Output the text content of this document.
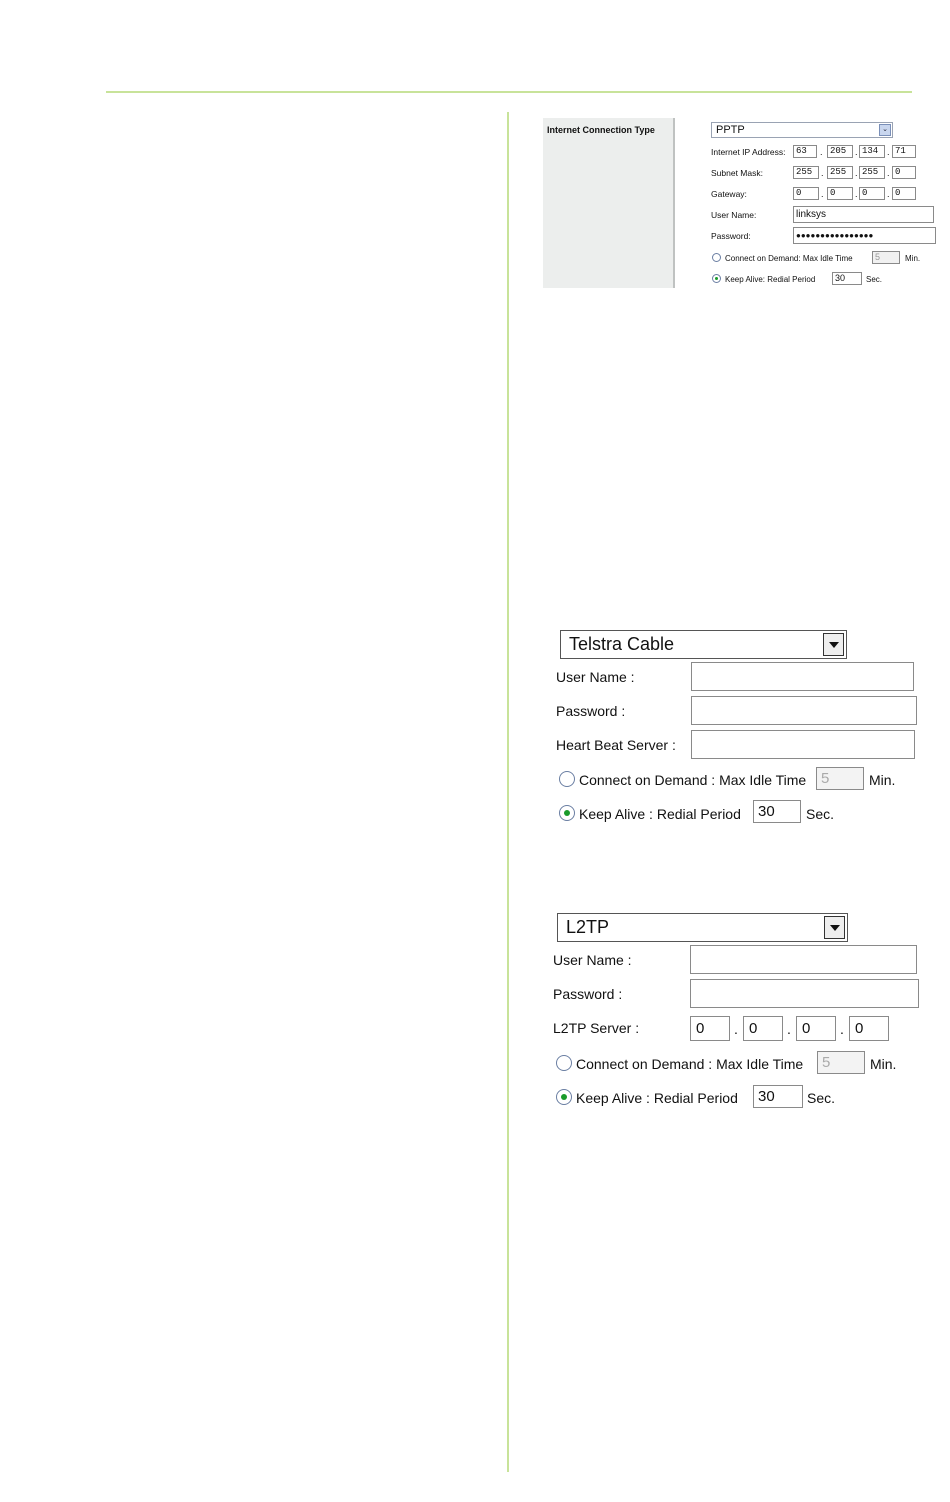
Internet Connection Type	PPTP	⌄
Internet IP Address:	63	. 205 . 134 . 71
Subnet Mask:	255 . 255 . 255 . 0
Gateway:	0	. 0	. 0	. 0
User Name:	linksys
Password:	●●●●●●●●●●●●●●●●
Connect on Demand: Max Idle Time	5	Min.
Keep Alive: Redial Period	30	Sec.
Telstra Cable
User Name :
Password :
Heart Beat Server :
Connect on Demand : Max Idle Time 5	Min.
Keep Alive : Redial Period	30	Sec.
L2TP
User Name :
Password :
L2TP Server :	0	. 0	. 0	. 0
Connect on Demand : Max Idle Time	5	Min.
Keep Alive : Redial Period	30	Sec.
